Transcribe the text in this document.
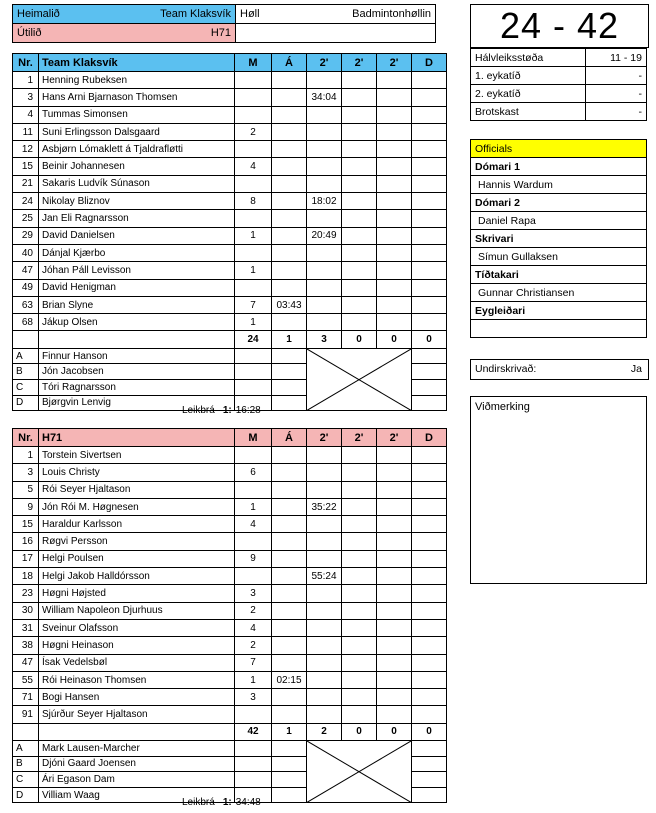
Heimalið Team Klaksvík	Høll Badmintonhøllin

Útilið H71	

Nr.	Team Klaksvík	M	Á	2'	2'	2'	D
1	Henning Rubeksen						
3	Hans Arni Bjarnason Thomsen			34:04			
4	Tummas Simonsen						
11	Suni Erlingsson Dalsgaard	2					
12	Asbjørn Lómaklett á Tjaldrafløtti						
15	Beinir Johannesen	4					
21	Sakaris Ludvík Súnason						
24	Nikolay Bliznov	8		18:02			
25	Jan Eli Ragnarsson						
29	David Danielsen	1		20:49			
40	Dánjal Kjærbo						
47	Jóhan Páll Levisson	1					
49	David Henigman						
63	Brian Slyne	7	03:43				
68	Jákup Olsen	1					
		24	1	3	0	0	0
A	Finnur Hanson			

B	Jón Jacobsen						
C	Tóri Ragnarsson						
D	Bjørgvin Lenvig						
Leikbrá 1: 16:28
Nr.	H71	M	Á	2'	2'	2'	D
1	Torstein Sivertsen						
3	Louis Christy	6					
5	Rói Seyer Hjaltason						
9	Jón Rói M. Høgnesen	1		35:22			
15	Haraldur Karlsson	4					
16	Røgvi Persson						
17	Helgi Poulsen	9					
18	Helgi Jakob Halldórsson			55:24			
23	Høgni Højsted	3					
30	William Napoleon Djurhuus	2					
31	Sveinur Olafsson	4					
38	Høgni Heinason	2					
47	Ísak Vedelsbøl	7					
55	Rói Heinason Thomsen	1	02:15				
71	Bogi Hansen	3					
91	Sjúrður Seyer Hjaltason						
		42	1	2	0	0	0
A	Mark Lausen-Marcher			

B	Djóni Gaard Joensen						
C	Ári Egason Dam						
D	Villiam Waag						
Leikbrá 1: 34:48
24 - 42
Hálvleiksstøða	11 - 19
1. eykatíð	-
2. eykatíð	-
Brotskast	-
Officials
Dómari 1
Hannis Wardum
Dómari 2
Daniel Rapa
Skrivari
Símun Gullaksen
Tíðtakari
Gunnar Christiansen
Eygleiðari

Undirskrivað:	Ja
Viðmerking
